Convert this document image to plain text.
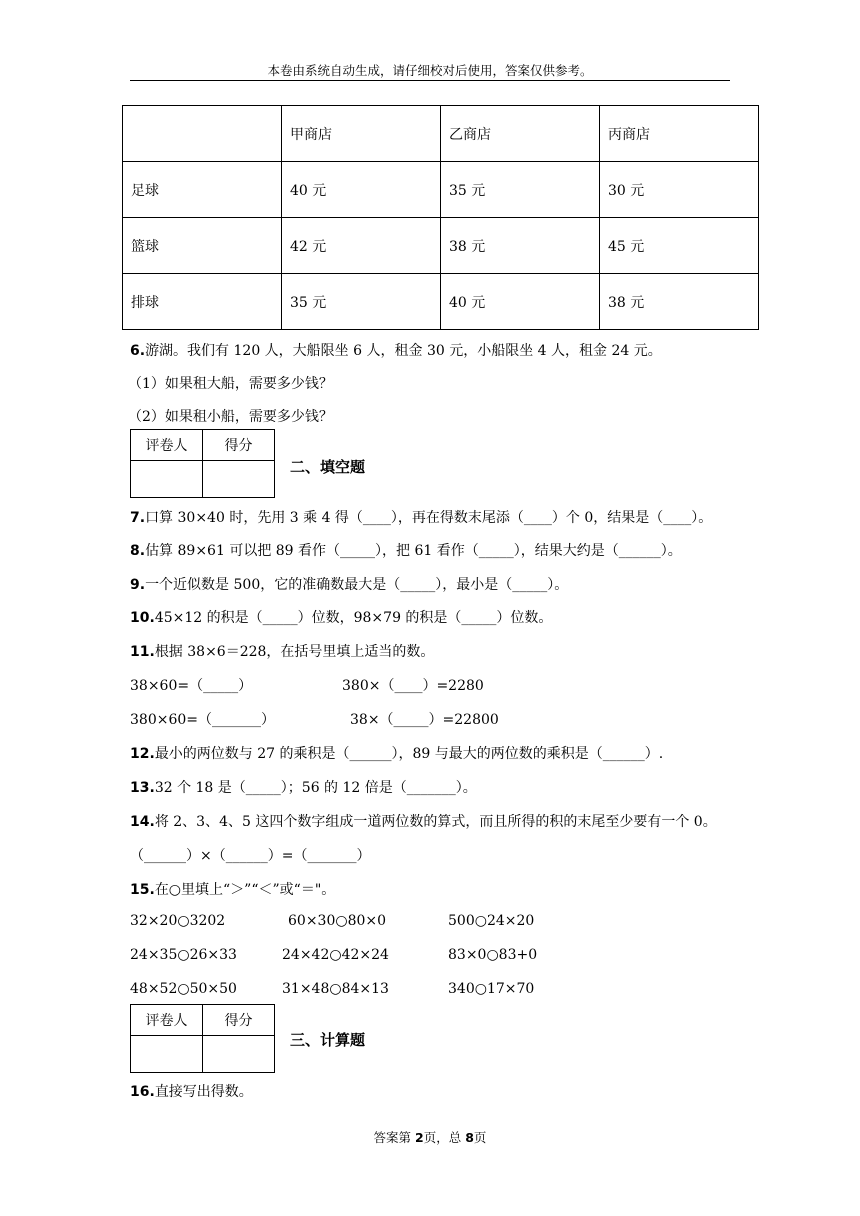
本卷由系统自动生成，请仔细校对后使用，答案仅供参考。
	甲商店	乙商店	丙商店
足球	40 元	35 元	30 元
篮球	42 元	38 元	45 元
排球	35 元	40 元	38 元
6.游湖。我们有 120 人，大船限坐 6 人，租金 30 元，小船限坐 4 人，租金 24 元。
（1）如果租大船，需要多少钱？
（2）如果租小船，需要多少钱？
评卷人	得分

二、填空题
7.口算 30×40 时，先用 3 乘 4 得（____），再在得数末尾添（____）个 0，结果是（____）。
8.估算 89×61 可以把 89 看作（_____），把 61 看作（_____），结果大约是（______）。
9.一个近似数是 500，它的准确数最大是（_____），最小是（_____）。
10.45×12 的积是（_____）位数，98×79 的积是（_____）位数。
11.根据 38×6＝228，在括号里填上适当的数。
38×60=（_____）	380×（____）=2280
380×60=（_______）	38×（_____）=22800
12.最小的两位数与 27 的乘积是（______），89 与最大的两位数的乘积是（______）.
13.32 个 18 是（_____）；56 的 12 倍是（_______）。
14.将 2、3、4、5 这四个数字组成一道两位数的算式，而且所得的积的末尾至少要有一个 0。
（______）×（______）=（_______）
15.在○里填上“＞”“＜”或“＝"。
32×20○3202	60×30○80×0	500○24×20
24×35○26×33	24×42○42×24	83×0○83+0
48×52○50×50	31×48○84×13	340○17×70
评卷人	得分

三、计算题
16.直接写出得数。
答案第 2页，总 8页
